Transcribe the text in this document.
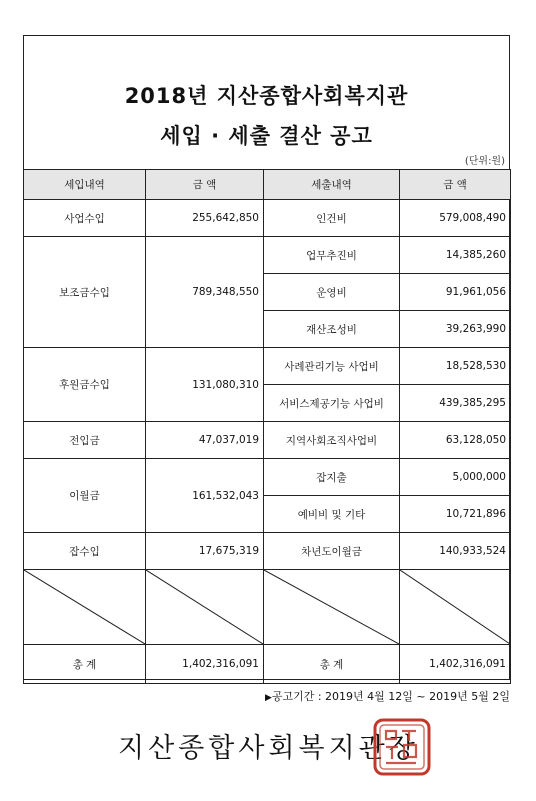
2018년 지산종합사회복지관
세입 · 세출 결산 공고
(단위:원)
세입내역	금 액	세출내역	금 액
사업수입	255,642,850	인건비	579,008,490
보조금수입	789,348,550	업무추진비	14,385,260
		운영비	91,961,056
		재산조성비	39,263,990
후원금수입	131,080,310	사례관리기능 사업비	18,528,530
		서비스제공기능 사업비	439,385,295
전입금	47,037,019	지역사회조직사업비	63,128,050
이월금	161,532,043	잡지출	5,000,000
		예비비 및 기타	10,721,896
잡수입	17,675,319	차년도이월금	140,933,524

총 계	1,402,316,091	총 계	1,402,316,091
▶공고기간 : 2019년 4월 12일 ~ 2019년 5월 2일
지산종합사회복지관장
